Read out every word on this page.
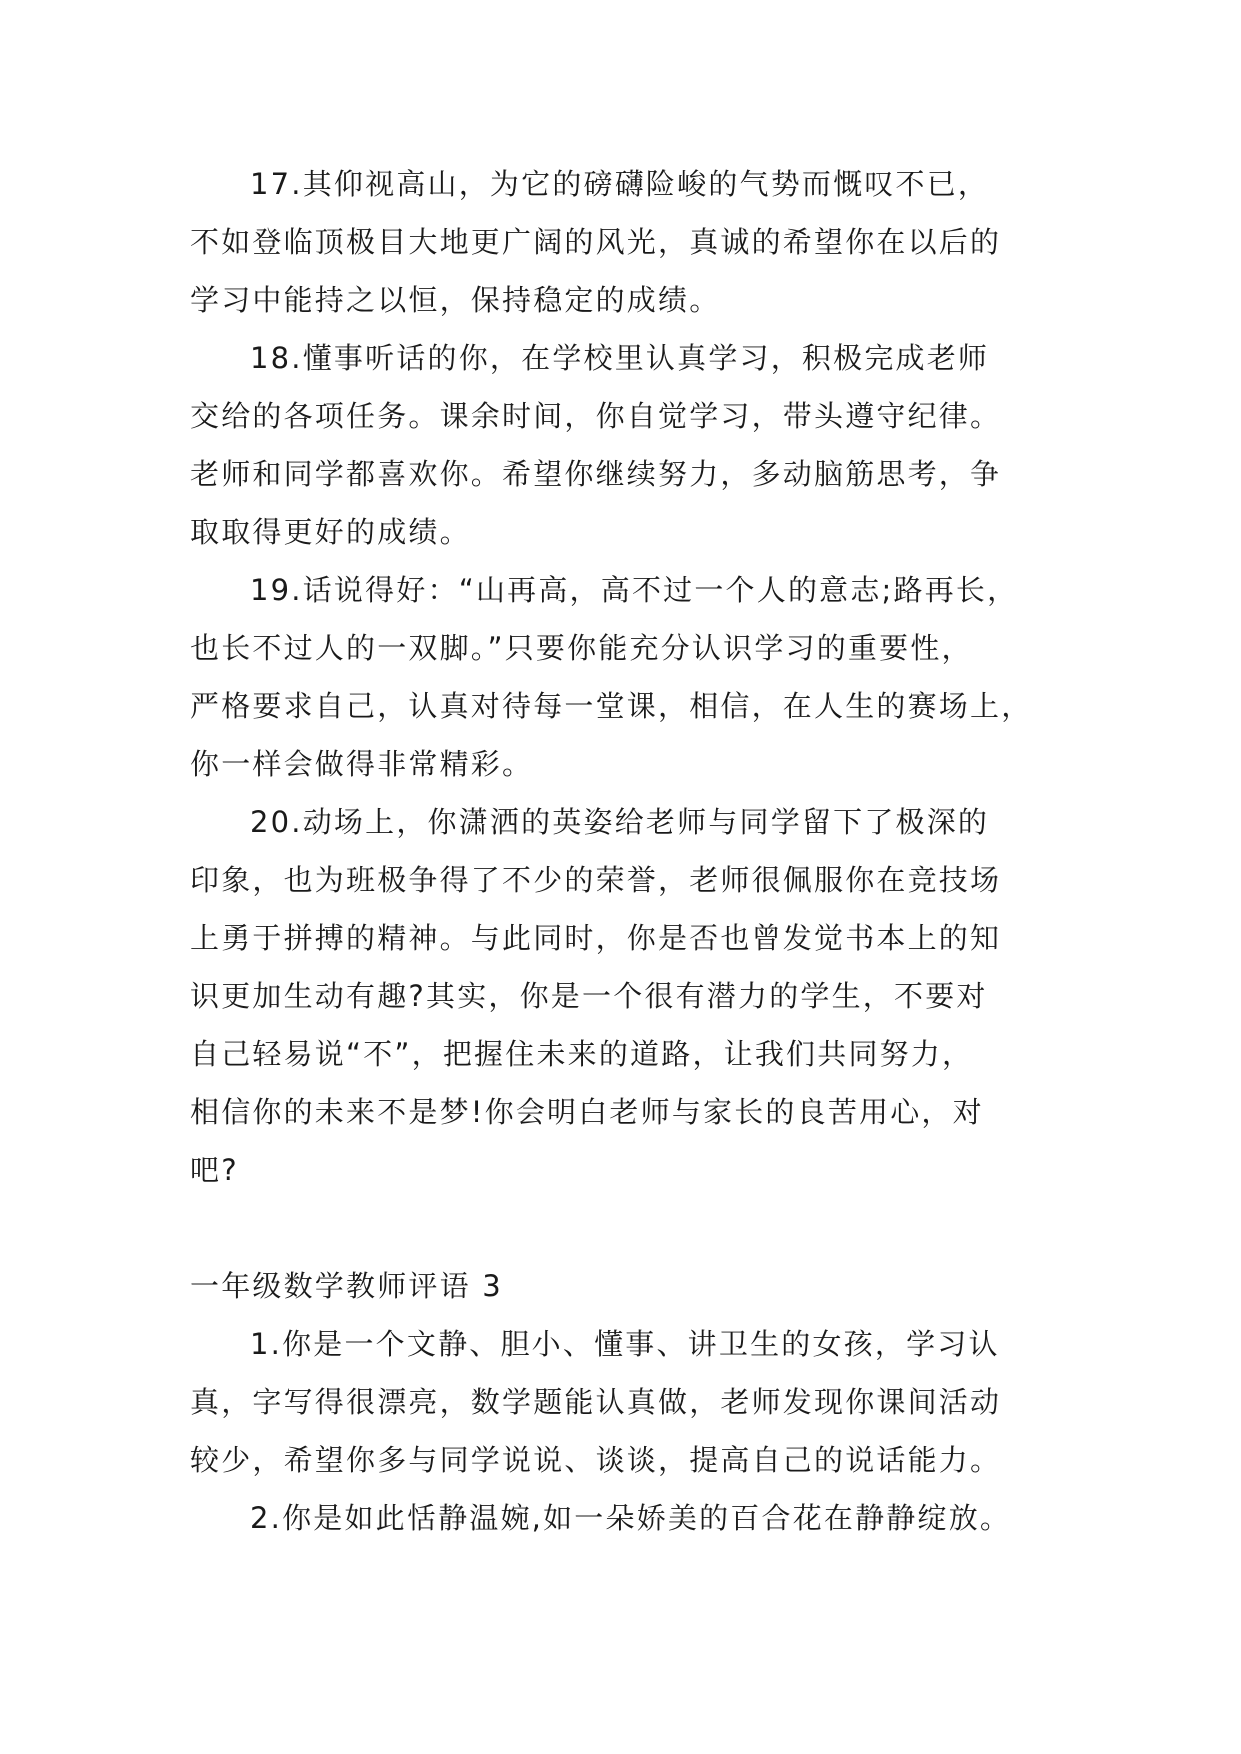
17.其仰视高山，为它的磅礴险峻的气势而慨叹不已，
不如登临顶极目大地更广阔的风光，真诚的希望你在以后的
学习中能持之以恒，保持稳定的成绩。
18.懂事听话的你，在学校里认真学习，积极完成老师
交给的各项任务。课余时间，你自觉学习，带头遵守纪律。
老师和同学都喜欢你。希望你继续努力，多动脑筋思考，争
取取得更好的成绩。
19.话说得好：“山再高，高不过一个人的意志;路再长，
也长不过人的一双脚。”只要你能充分认识学习的重要性，
严格要求自己，认真对待每一堂课，相信，在人生的赛场上，
你一样会做得非常精彩。
20.动场上，你潇洒的英姿给老师与同学留下了极深的
印象，也为班极争得了不少的荣誉，老师很佩服你在竞技场
上勇于拼搏的精神。与此同时，你是否也曾发觉书本上的知
识更加生动有趣?其实，你是一个很有潜力的学生，不要对
自己轻易说“不”，把握住未来的道路，让我们共同努力，
相信你的未来不是梦!你会明白老师与家长的良苦用心，对
吧?
一年级数学教师评语 3
1.你是一个文静、胆小、懂事、讲卫生的女孩，学习认
真，字写得很漂亮，数学题能认真做，老师发现你课间活动
较少，希望你多与同学说说、谈谈，提高自己的说话能力。
2.你是如此恬静温婉,如一朵娇美的百合花在静静绽放。
